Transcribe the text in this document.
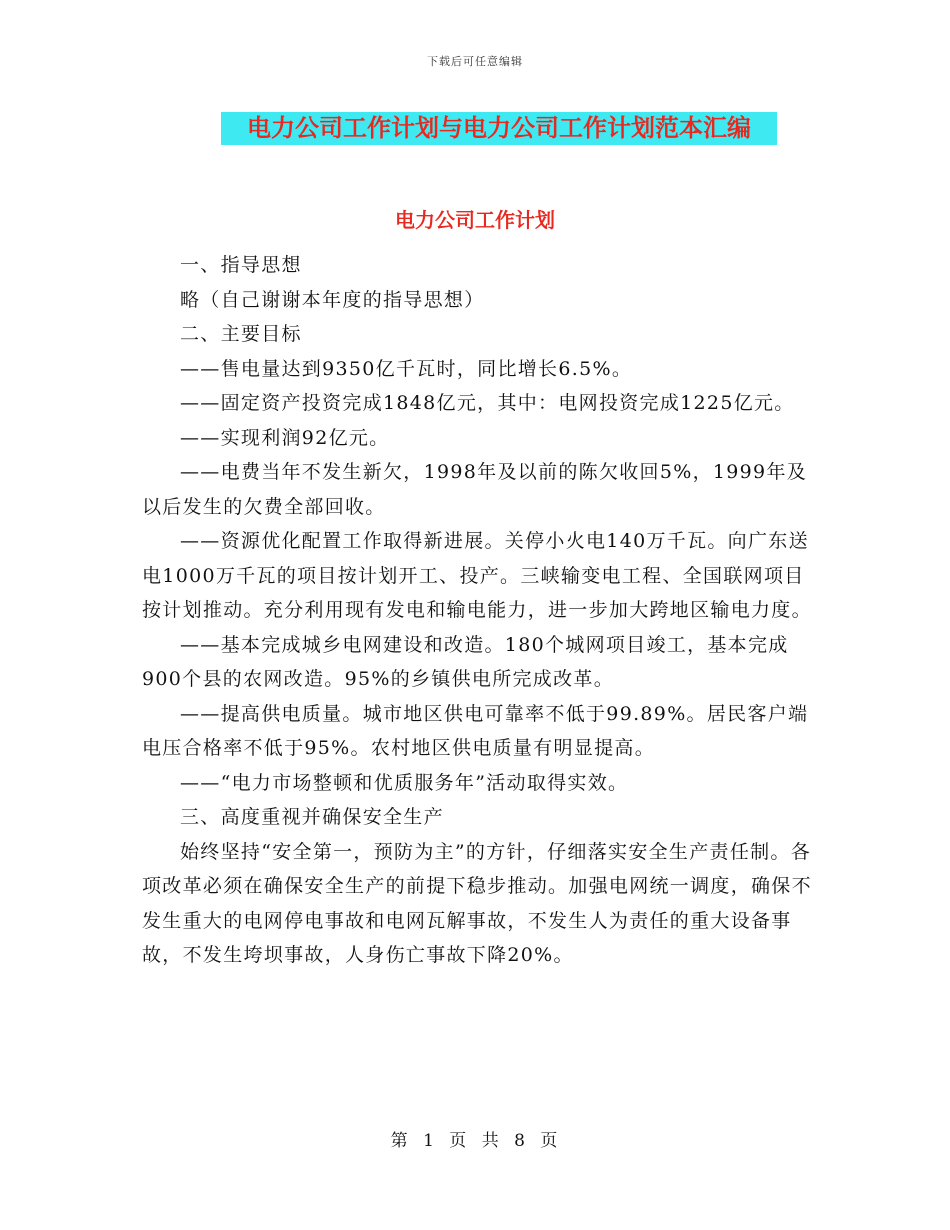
下载后可任意编辑
电力公司工作计划与电力公司工作计划范本汇编
电力公司工作计划

一、指导思想

略（自己谢谢本年度的指导思想）

二、主要目标

——售电量达到9350亿千瓦时，同比增长6.5%。

——固定资产投资完成1848亿元，其中：电网投资完成1225亿元。

——实现利润92亿元。

——电费当年不发生新欠，1998年及以前的陈欠收回5%，1999年及以后发生的欠费全部回收。

——资源优化配置工作取得新进展。关停小火电140万千瓦。向广东送电1000万千瓦的项目按计划开工、投产。三峡输变电工程、全国联网项目按计划推动。充分利用现有发电和输电能力，进一步加大跨地区输电力度。

——基本完成城乡电网建设和改造。180个城网项目竣工，基本完成900个县的农网改造。95%的乡镇供电所完成改革。

——提高供电质量。城市地区供电可靠率不低于99.89%。居民客户端电压合格率不低于95%。农村地区供电质量有明显提高。

——“电力市场整顿和优质服务年”活动取得实效。

三、高度重视并确保安全生产

始终坚持“安全第一，预防为主”的方针，仔细落实安全生产责任制。各项改革必须在确保安全生产的前提下稳步推动。加强电网统一调度，确保不发生重大的电网停电事故和电网瓦解事故，不发生人为责任的重大设备事故，不发生垮坝事故，人身伤亡事故下降20%。

第 1 页 共 8 页
